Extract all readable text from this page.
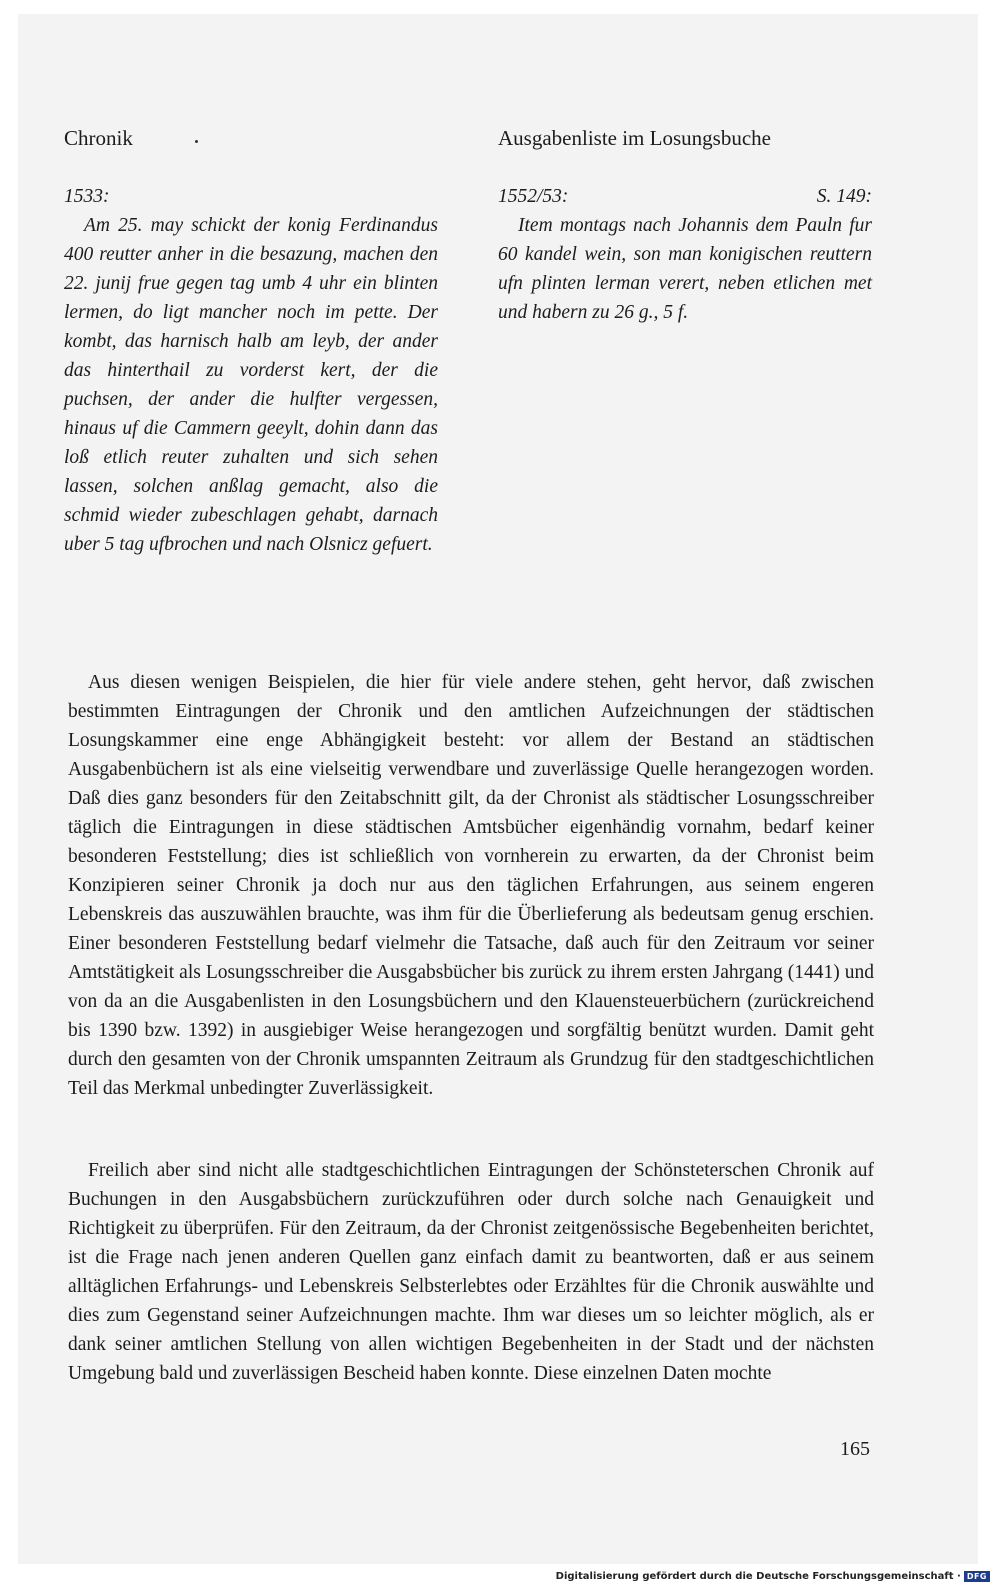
Chronik	Ausgabenliste im Losungsbuche
1533:
Am 25. may schickt der konig Ferdinandus 400 reutter anher in die besazung, machen den 22. junij frue gegen tag umb 4 uhr ein blinten lermen, do ligt mancher noch im pette. Der kombt, das harnisch halb am leyb, der ander das hinterthail zu vorderst kert, der die puchsen, der ander die hulfter vergessen, hinaus uf die Cammern geeylt, dohin dann das loß etlich reuter zuhalten und sich sehen lassen, solchen anßlag gemacht, also die schmid wieder zubeschlagen gehabt, darnach uber 5 tag ufbrochen und nach Olsnicz gefuert.
1552/53:	S. 149:
Item montags nach Johannis dem Pauln fur 60 kandel wein, son man konigischen reuttern ufn plinten lerman verert, neben etlichen met und habern zu 26 g., 5 f.

Aus diesen wenigen Beispielen, die hier für viele andere stehen, geht hervor, daß zwischen bestimmten Eintragungen der Chronik und den amtlichen Aufzeichnungen der städtischen Losungskammer eine enge Abhängigkeit besteht: vor allem der Bestand an städtischen Ausgabenbüchern ist als eine vielseitig verwendbare und zuverlässige Quelle herangezogen worden. Daß dies ganz besonders für den Zeitabschnitt gilt, da der Chronist als städtischer Losungsschreiber täglich die Eintragungen in diese städtischen Amtsbücher eigenhändig vornahm, bedarf keiner besonderen Feststellung; dies ist schließlich von vornherein zu erwarten, da der Chronist beim Konzipieren seiner Chronik ja doch nur aus den täglichen Erfahrungen, aus seinem engeren Lebenskreis das auszuwählen brauchte, was ihm für die Überlieferung als bedeutsam genug erschien. Einer besonderen Feststellung bedarf vielmehr die Tatsache, daß auch für den Zeitraum vor seiner Amtstätigkeit als Losungsschreiber die Ausgabsbücher bis zurück zu ihrem ersten Jahrgang (1441) und von da an die Ausgabenlisten in den Losungsbüchern und den Klauensteuerbüchern (zurückreichend bis 1390 bzw. 1392) in ausgiebiger Weise herangezogen und sorgfältig benützt wurden. Damit geht durch den gesamten von der Chronik umspannten Zeitraum als Grundzug für den stadtgeschichtlichen Teil das Merkmal unbedingter Zuverlässigkeit.

Freilich aber sind nicht alle stadtgeschichtlichen Eintragungen der Schönsteterschen Chronik auf Buchungen in den Ausgabsbüchern zurückzuführen oder durch solche nach Genauigkeit und Richtigkeit zu überprüfen. Für den Zeitraum, da der Chronist zeitgenössische Begebenheiten berichtet, ist die Frage nach jenen anderen Quellen ganz einfach damit zu beantworten, daß er aus seinem alltäglichen Erfahrungs- und Lebenskreis Selbsterlebtes oder Erzähltes für die Chronik auswählte und dies zum Gegenstand seiner Aufzeichnungen machte. Ihm war dieses um so leichter möglich, als er dank seiner amtlichen Stellung von allen wichtigen Begebenheiten in der Stadt und der nächsten Umgebung bald und zuverlässigen Bescheid haben konnte. Diese einzelnen Daten mochte

165
Digitalisierung gefördert durch die Deutsche Forschungsgemeinschaft · DFG
